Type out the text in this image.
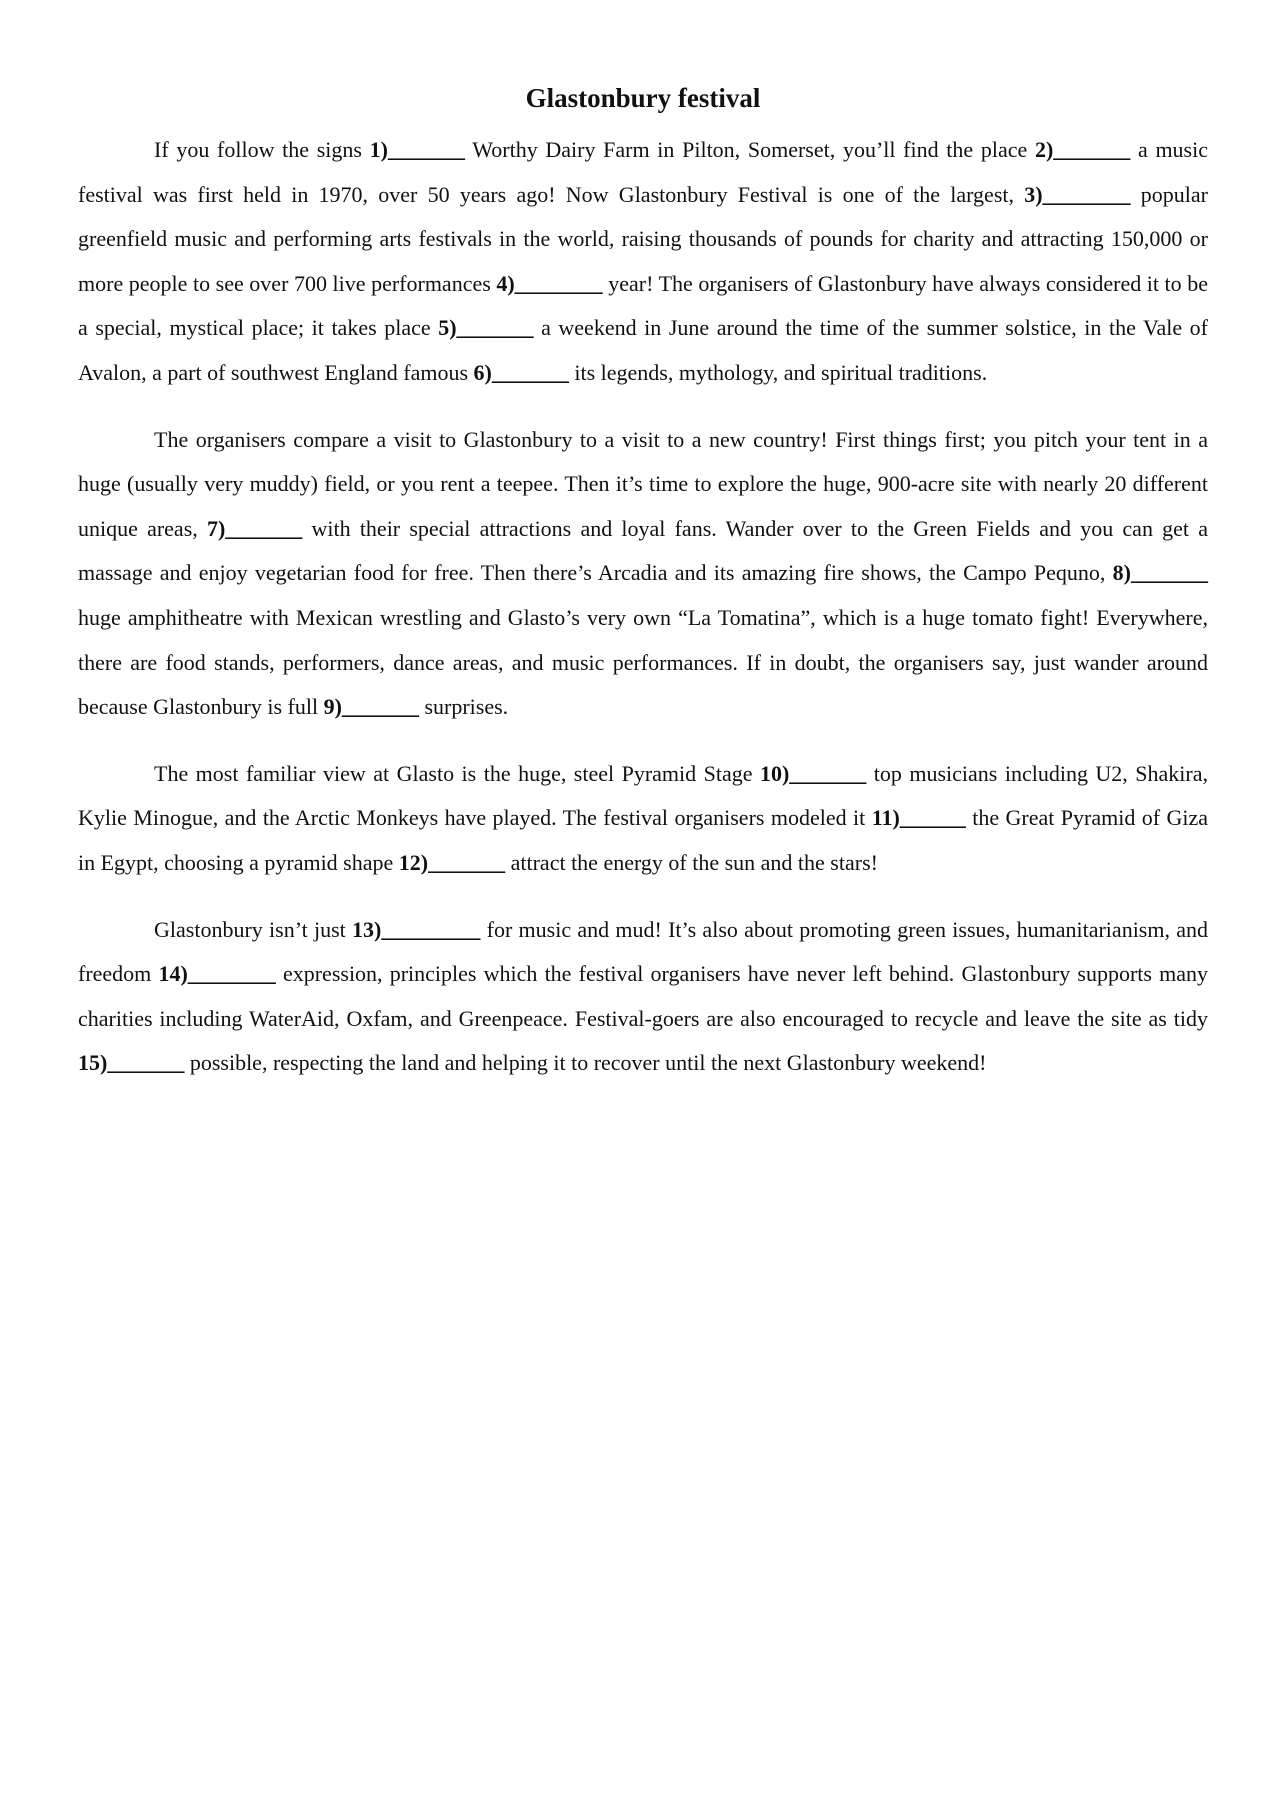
Glastonbury festival

If you follow the signs 1)_______ Worthy Dairy Farm in Pilton, Somerset, you’ll find the place 2)_______ a music festival was first held in 1970, over 50 years ago! Now Glastonbury Festival is one of the largest, 3)________ popular greenfield music and performing arts festivals in the world, raising thousands of pounds for charity and attracting 150,000 or more people to see over 700 live performances 4)________ year! The organisers of Glastonbury have always considered it to be a special, mystical place; it takes place 5)_______ a weekend in June around the time of the summer solstice, in the Vale of Avalon, a part of southwest England famous 6)_______ its legends, mythology, and spiritual traditions.

The organisers compare a visit to Glastonbury to a visit to a new country! First things first; you pitch your tent in a huge (usually very muddy) field, or you rent a teepee. Then it’s time to explore the huge, 900-acre site with nearly 20 different unique areas, 7)_______ with their special attractions and loyal fans. Wander over to the Green Fields and you can get a massage and enjoy vegetarian food for free. Then there’s Arcadia and its amazing fire shows, the Campo Pequno, 8)_______ huge amphitheatre with Mexican wrestling and Glasto’s very own “La Tomatina”, which is a huge tomato fight! Everywhere, there are food stands, performers, dance areas, and music performances. If in doubt, the organisers say, just wander around because Glastonbury is full 9)_______ surprises.

The most familiar view at Glasto is the huge, steel Pyramid Stage 10)_______ top musicians including U2, Shakira, Kylie Minogue, and the Arctic Monkeys have played. The festival organisers modeled it 11)______ the Great Pyramid of Giza in Egypt, choosing a pyramid shape 12)_______ attract the energy of the sun and the stars!

Glastonbury isn’t just 13)_________ for music and mud! It’s also about promoting green issues, humanitarianism, and freedom 14)________ expression, principles which the festival organisers have never left behind. Glastonbury supports many charities including WaterAid, Oxfam, and Greenpeace. Festival-goers are also encouraged to recycle and leave the site as tidy 15)_______ possible, respecting the land and helping it to recover until the next Glastonbury weekend!
